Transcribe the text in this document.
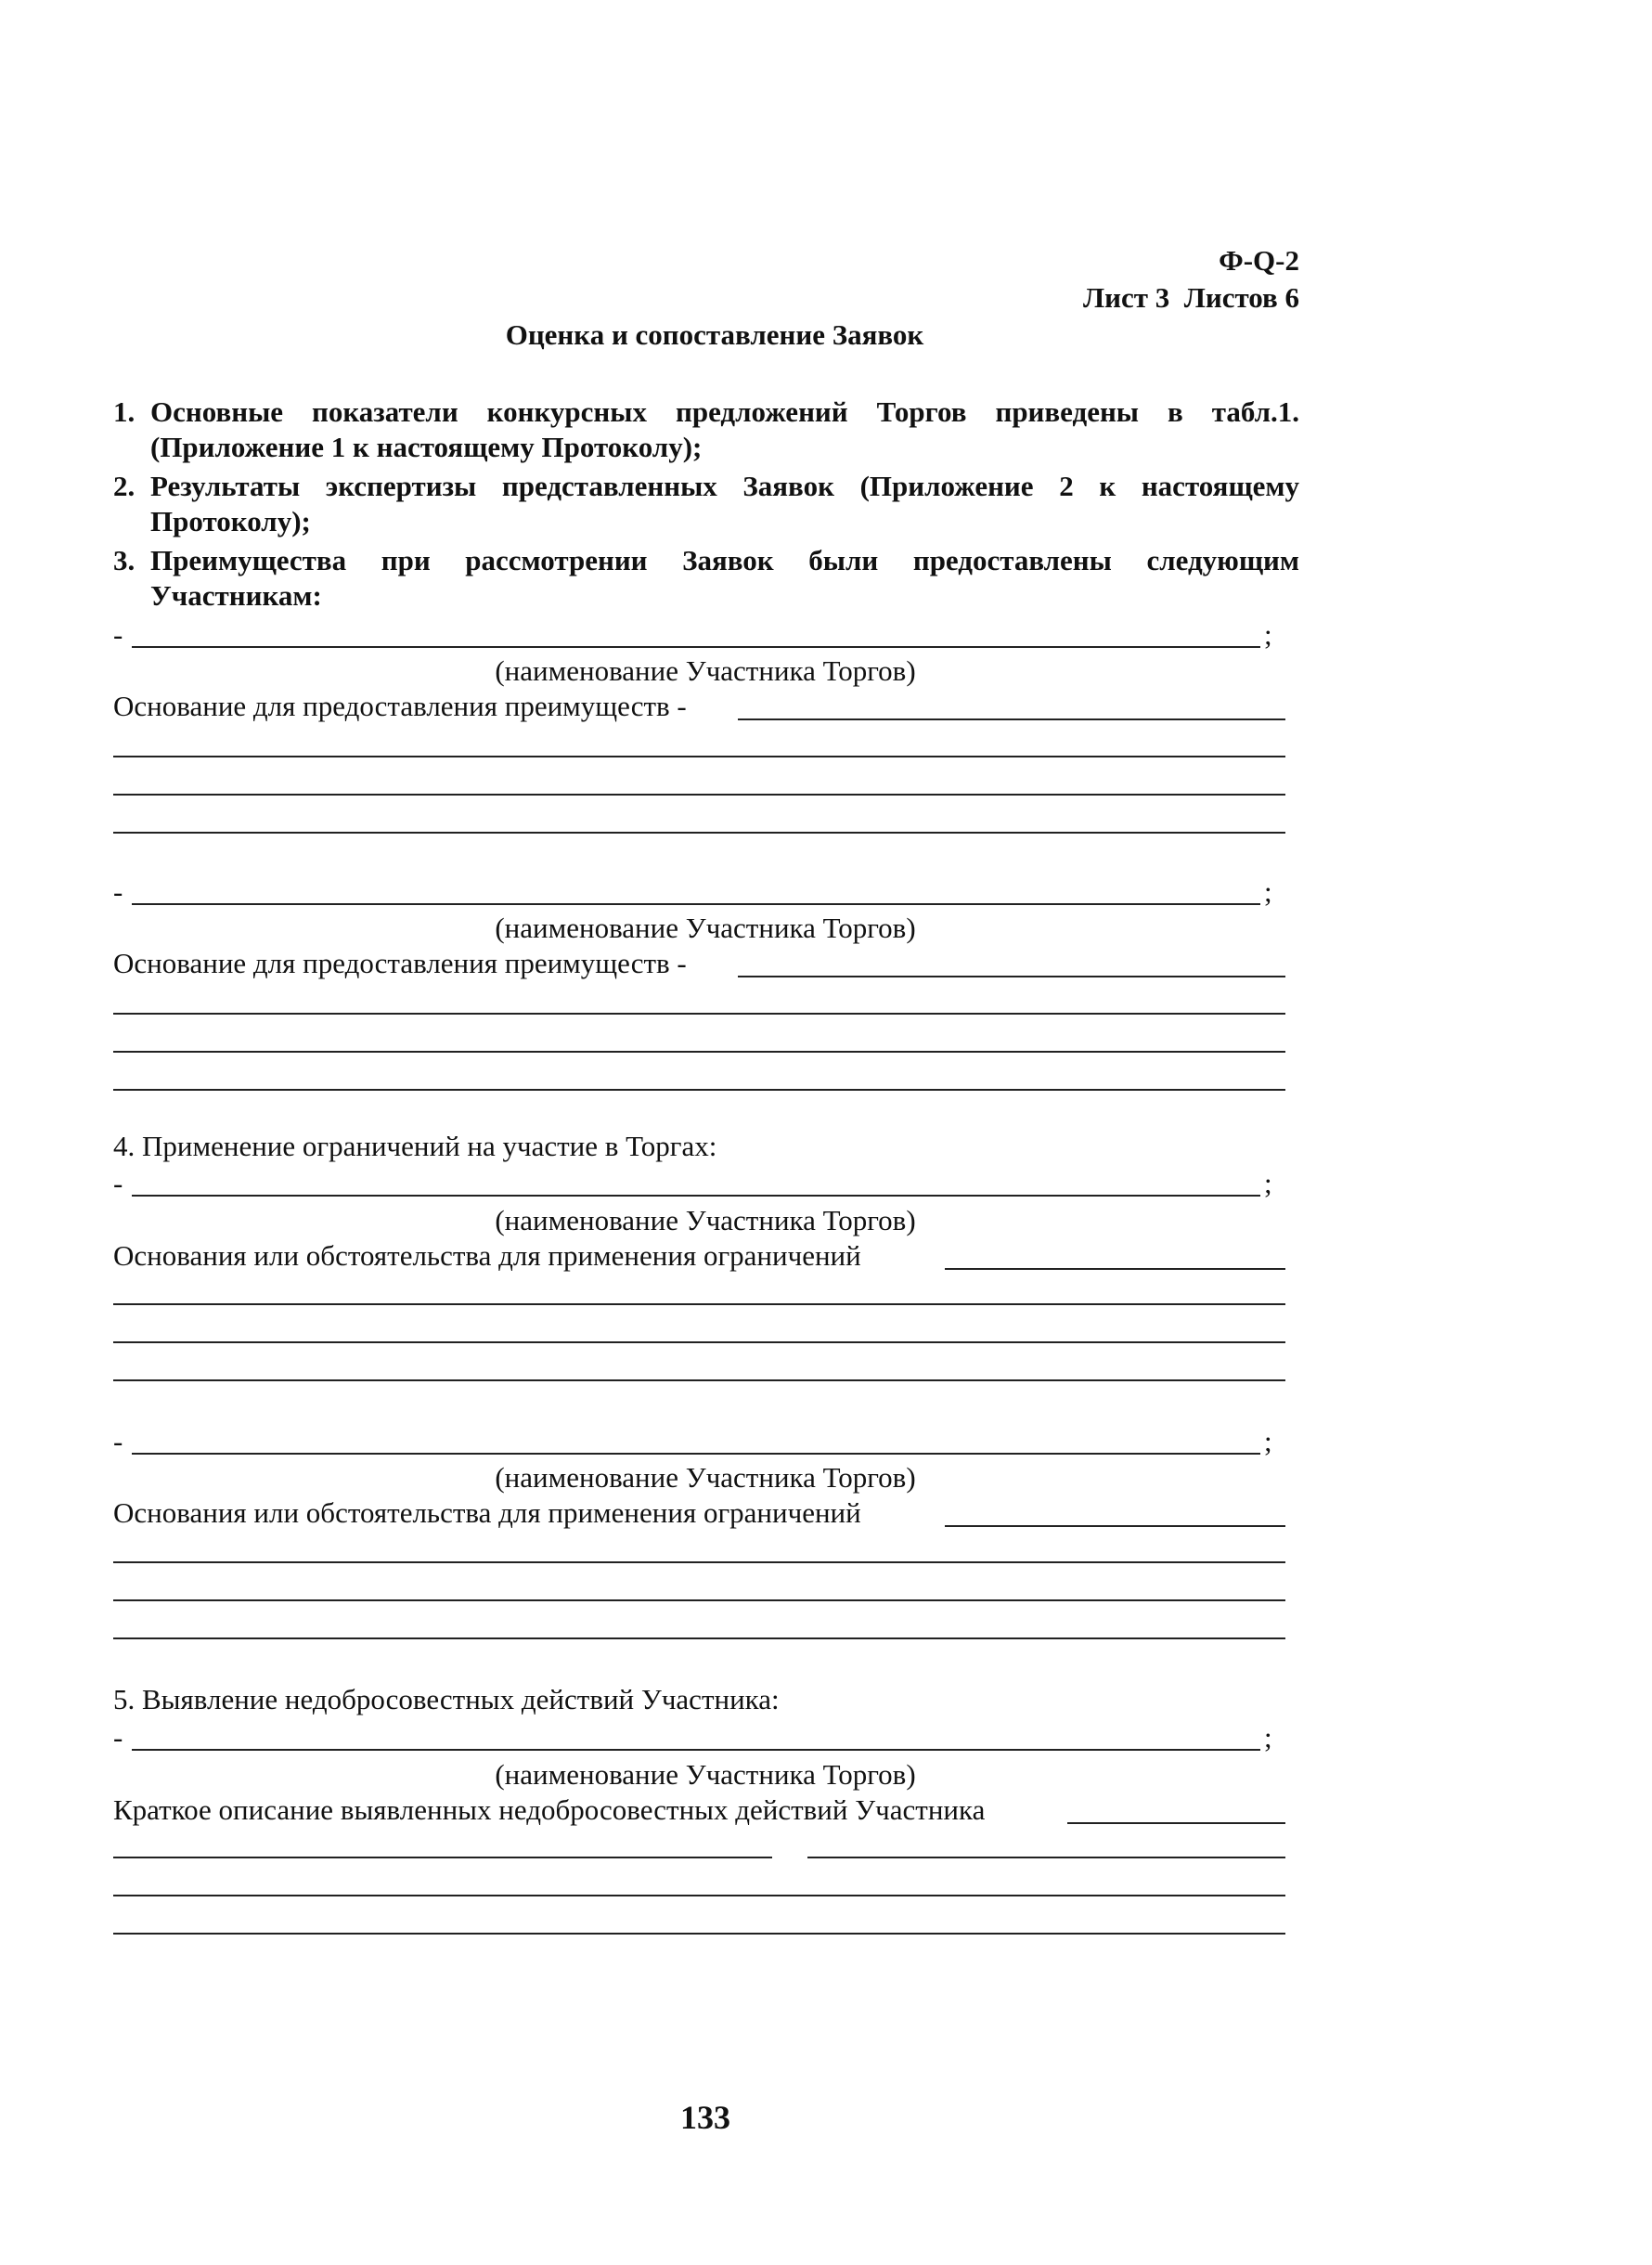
Ф-Q-2
Лист 3  Листов 6
Оценка и сопоставление Заявок
1. Основные показатели конкурсных предложений Торгов приведены в табл.1.
(Приложение 1 к настоящему Протоколу);
2. Результаты экспертизы представленных Заявок (Приложение 2 к настоящему
Протоколу);
3. Преимущества при рассмотрении Заявок были предоставлены следующим
Участникам:
-	;
(наименование Участника Торгов)
Основание для предоставления преимуществ -
-	;
(наименование Участника Торгов)
Основание для предоставления преимуществ -
4. Применение ограничений на участие в Торгах:
-	;
(наименование Участника Торгов)
Основания или обстоятельства для применения ограничений
-	;
(наименование Участника Торгов)
Основания или обстоятельства для применения ограничений
5. Выявление недобросовестных действий Участника:
-	;
(наименование Участника Торгов)
Краткое описание выявленных недобросовестных действий Участника
133
